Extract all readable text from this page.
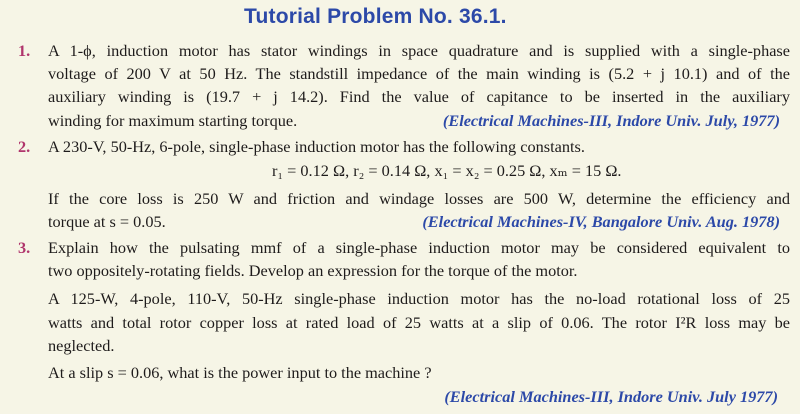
Tutorial Problem No. 36.1.
1. A 1-ϕ, induction motor has stator windings in space quadrature and is supplied with a single-phase
voltage of 200 V at 50 Hz. The standstill impedance of the main winding is (5.2 + j 10.1) and of the
auxiliary winding is (19.7 + j 14.2). Find the value of capitance to be inserted in the auxiliary
winding for maximum starting torque.	(Electrical Machines-III, Indore Univ. July, 1977)
2. A 230-V, 50-Hz, 6-pole, single-phase induction motor has the following constants.
r₁ = 0.12 Ω, r₂ = 0.14 Ω, x₁ = x₂ = 0.25 Ω, xₘ = 15 Ω.
If the core loss is 250 W and friction and windage losses are 500 W, determine the efficiency and
torque at s = 0.05.	(Electrical Machines-IV, Bangalore Univ. Aug. 1978)
3. Explain how the pulsating mmf of a single-phase induction motor may be considered equivalent to
two oppositely-rotating fields. Develop an expression for the torque of the motor.
A 125-W, 4-pole, 110-V, 50-Hz single-phase induction motor has the no-load rotational loss of 25
watts and total rotor copper loss at rated load of 25 watts at a slip of 0.06. The rotor I²R loss may be
neglected.
At a slip s = 0.06, what is the power input to the machine ?
(Electrical Machines-III, Indore Univ. July 1977)
